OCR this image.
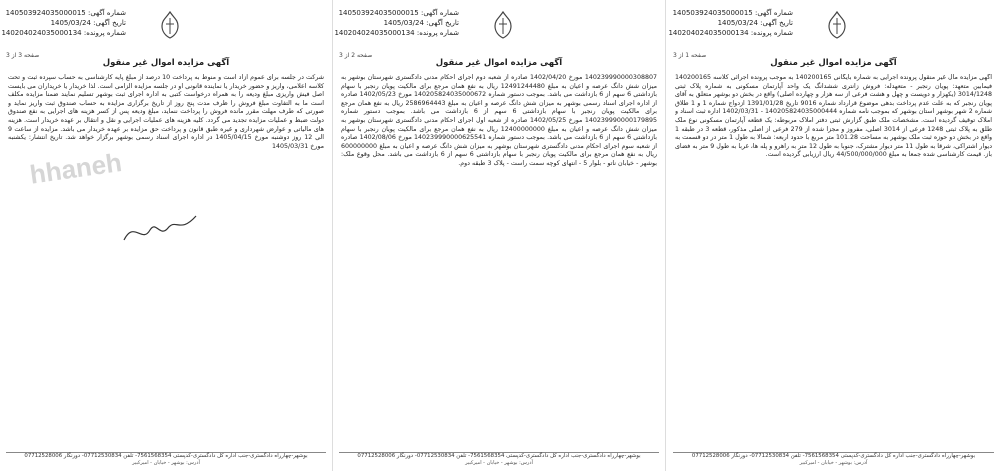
شماره آگهی: 140503924035000015
تاریخ آگهی: 1405/03/24
شماره پرونده: 140204024035000134
صفحه 1 از 3
آگهی مزایده اموال غیر منقول
آگهی مزایده مال غیر منقول پرونده اجرایی به شماره بایگانی 140200165 به موجب پرونده اجرائی کلاسه 140200165 فیمابین متعهد: پویان رنجبر - متعهدله: فروش زانتری ششدانگ یک واحد آپارتمان مسکونی به شماره پلاک ثبتی 3014/1248 (یکهزار و دویست و چهل و هشت فرعی از سه هزار و چهارده اصلی) واقع در بخش دو بوشهر متعلق به آقای پویان رنجبر که به علت عدم پرداخت بدهی موضوع قرارداد شماره 9016 تاریخ 1391/01/28 ازدواج شماره 1 و 1 طلاق شماره 2 شهر بوشهر استان بوشهر که بموجب نامه شماره 140205824035000444 - 1402/03/31 اداره ثبت اسناد و املاک توقیف گردیده است. مشخصات ملک طبق گزارش ثبتی دفتر املاک مربوطه: یک قطعه آپارتمان مسکونی نوع ملک طلق به پلاک ثبتی 1248 فرعی از 3014 اصلی، مفروز و مجزا شده از 279 فرعی از اصلی مذکور، قطعه 3 در طبقه 1 واقع در بخش دو حوزه ثبت ملک بوشهر به مساحت 101.28 متر مربع با حدود اربعه: شمالا به طول 1 متر در دو قسمت به دیوار اشتراکی، شرقا به طول 11 متر دیوار مشترک، جنوبا به طول 12 متر به راهرو و پله ها، غربا به طول 9 متر به فضای باز. قیمت کارشناسی شده جمعا به مبلغ 44/500/000/000 ریال ارزیابی گردیده است.
بوشهر-چهارراه دادگستری-جنب اداره کل دادگستری-کدپستی 7561568354- تلفن 07712530834- دورنگار 07712528006
آدرس: بوشهر - خیابان - امیرکبیر
شماره آگهی: 140503924035000015
تاریخ آگهی: 1405/03/24
شماره پرونده: 140204024035000134
صفحه 2 از 3
آگهی مزایده اموال غیر منقول
140239990000308807 مورخ 1402/04/20 صادره از شعبه دوم اجرای احکام مدنی دادگستری شهرستان بوشهر به میزان شش دانگ عرصه و اعیان به مبلغ 12491244480 ریال به نفع همان مرجع برای مالکیت پویان رنجبر با سهام بازداشتی 6 سهم از 6 بازداشت می باشد. بموجب دستور شماره 140205824035000672 مورخ 1402/05/23 صادره از اداره اجرای اسناد رسمی بوشهر به میزان شش دانگ عرصه و اعیان به مبلغ 2586964443 ریال به نفع همان مرجع برای مالکیت پویان رنجبر با سهام بازداشتی 6 سهم از 6 بازداشت می باشد. بموجب دستور شماره 140239990000179895 مورخ 1402/05/25 صادره از شعبه اول اجرای احکام مدنی دادگستری شهرستان بوشهر به میزان شش دانگ عرصه و اعیان به مبلغ 12400000000 ریال به نفع همان مرجع برای مالکیت پویان رنجبر با سهام بازداشتی 6 سهم از 6 بازداشت می باشد. بموجب دستور شماره 140239990000625541 مورخ 1402/08/06 صادره از شعبه سوم اجرای احکام مدنی دادگستری شهرستان بوشهر به میزان شش دانگ عرصه و اعیان به مبلغ 600000000 ریال به نفع همان مرجع برای مالکیت پویان رنجبر با سهام بازداشتی 6 سهم از 6 بازداشت می باشد. محل وقوع ملک: بوشهر - خیابان ناتو - بلوار 5 - انتهای کوچه سمت راست - پلاک 3 طبقه دوم.
بوشهر-چهارراه دادگستری-جنب اداره کل دادگستری-کدپستی 7561568354- تلفن 07712530834- دورنگار 07712528006
آدرس: بوشهر - خیابان - امیرکبیر
شماره آگهی: 140503924035000015
تاریخ آگهی: 1405/03/24
شماره پرونده: 140204024035000134
صفحه 3 از 3
آگهی مزایده اموال غیر منقول
شرکت در جلسه برای عموم آزاد است و منوط به پرداخت 10 درصد از مبلغ پایه کارشناسی به حساب سپرده ثبت و تحت کلاسه اعلامی، واریز و حضور خریدار یا نماینده قانونی او در جلسه مزایده الزامی است. لذا خریدار یا خریداران می بایست اصل فیش واریزی مبلغ ودیعه را به همراه درخواست کتبی به اداره اجرای ثبت بوشهر تسلیم نمایند ضمنا مزایده مکلف است ما به التفاوت مبلغ فروش را ظرف مدت پنج روز از تاریخ برگزاری مزایده به حساب صندوق ثبت واریز نماید و صورتی که طرف مهلت مقرر مانده فروش را پرداخت ننماید، مبلغ ودیعه پس از کسر هزینه های اجرایی به نفع صندوق دولت ضبط و عملیات مزایده تجدید می گردد. کلیه هزینه های عملیات اجرایی و نقل و انتقال بر عهده خریدار است. هزینه های مالیاتی و عوارض شهرداری و غیره طبق قانون و پرداخت حق مزایده بر عهده خریدار می باشد. مزایده از ساعت 9 الی 12 روز دوشنبه مورخ 1405/04/15 در اداره اجرای اسناد رسمی بوشهر برگزار خواهد شد. تاریخ انتشار: یکشنبه مورخ 1405/03/31
hhaneh
بوشهر-چهارراه دادگستری-جنب اداره کل دادگستری-کدپستی 7561568354- تلفن 07712530834- دورنگار 07712528006
آدرس: بوشهر - خیابان - امیرکبیر
